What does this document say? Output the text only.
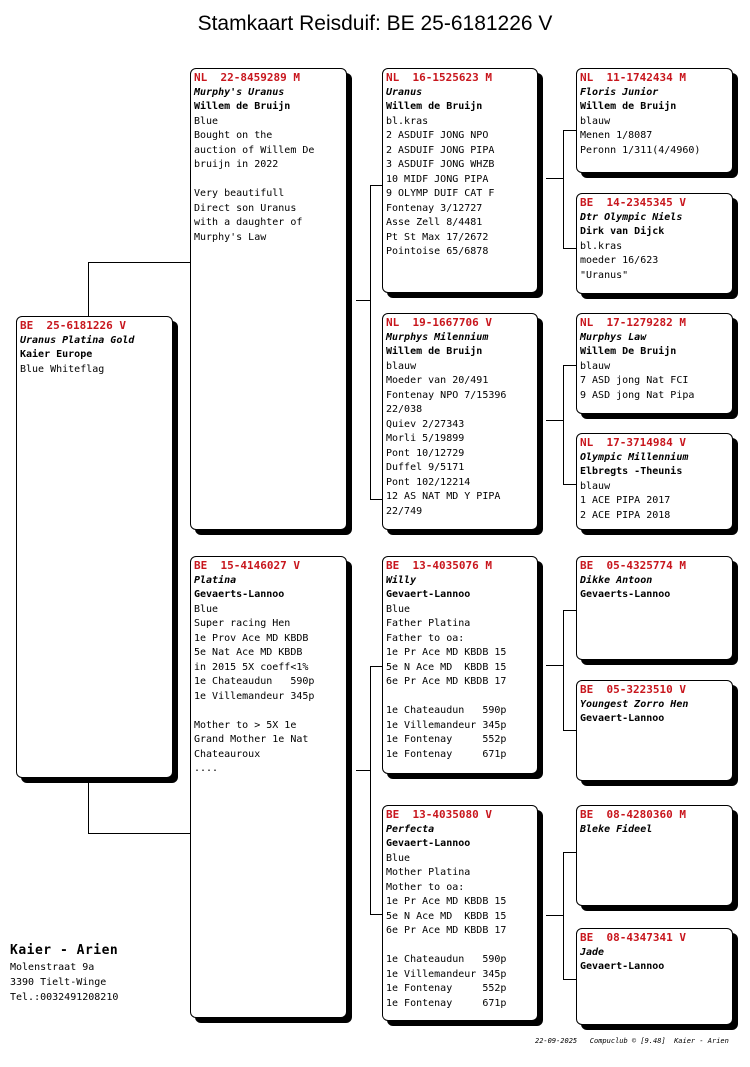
Stamkaart Reisduif: BE 25-6181226 V
BE  25-6181226 V
Uranus Platina Gold
Kaier Europe
Blue Whiteflag
NL  22-8459289 M
Murphy's Uranus
Willem de Bruijn
Blue
Bought on the
auction of Willem De
bruijn in 2022

Very beautifull
Direct son Uranus
with a daughter of
Murphy's Law
BE  15-4146027 V
Platina
Gevaerts-Lannoo
Blue
Super racing Hen
1e Prov Ace MD KBDB
5e Nat Ace MD KBDB
in 2015 5X coeff<1%
1e Chateaudun   590p
1e Villemandeur 345p

Mother to > 5X 1e
Grand Mother 1e Nat
Chateauroux
....
NL  16-1525623 M
Uranus
Willem de Bruijn
bl.kras
2 ASDUIF JONG NPO
2 ASDUIF JONG PIPA
3 ASDUIF JONG WHZB
10 MIDF JONG PIPA
9 OLYMP DUIF CAT F
Fontenay 3/12727
Asse Zell 8/4481
Pt St Max 17/2672
Pointoise 65/6878
NL  19-1667706 V
Murphys Milennium
Willem de Bruijn
blauw
Moeder van 20/491
Fontenay NPO 7/15396
22/038
Quiev 2/27343
Morli 5/19899
Pont 10/12729
Duffel 9/5171
Pont 102/12214
12 AS NAT MD Y PIPA
22/749
BE  13-4035076 M
Willy
Gevaert-Lannoo
Blue
Father Platina
Father to oa:
1e Pr Ace MD KBDB 15
5e N Ace MD  KBDB 15
6e Pr Ace MD KBDB 17

1e Chateaudun   590p
1e Villemandeur 345p
1e Fontenay     552p
1e Fontenay     671p
BE  13-4035080 V
Perfecta
Gevaert-Lannoo
Blue
Mother Platina
Mother to oa:
1e Pr Ace MD KBDB 15
5e N Ace MD  KBDB 15
6e Pr Ace MD KBDB 17

1e Chateaudun   590p
1e Villemandeur 345p
1e Fontenay     552p
1e Fontenay     671p
NL  11-1742434 M
Floris Junior
Willem de Bruijn
blauw
Menen 1/8087
Peronn 1/311(4/4960)
BE  14-2345345 V
Dtr Olympic Niels
Dirk van Dijck
bl.kras
moeder 16/623
"Uranus"
NL  17-1279282 M
Murphys Law
Willem De Bruijn
blauw
7 ASD jong Nat FCI
9 ASD jong Nat Pipa
NL  17-3714984 V
Olympic Millennium
Elbregts -Theunis
blauw
1 ACE PIPA 2017
2 ACE PIPA 2018
BE  05-4325774 M
Dikke Antoon
Gevaerts-Lannoo
BE  05-3223510 V
Youngest Zorro Hen
Gevaert-Lannoo
BE  08-4280360 M
Bleke Fideel
BE  08-4347341 V
Jade
Gevaert-Lannoo
Kaier - Arien
Molenstraat 9a
3390 Tielt-Winge
Tel.:0032491208210
22-09-2025   Compuclub © [9.48]  Kaier - Arien
